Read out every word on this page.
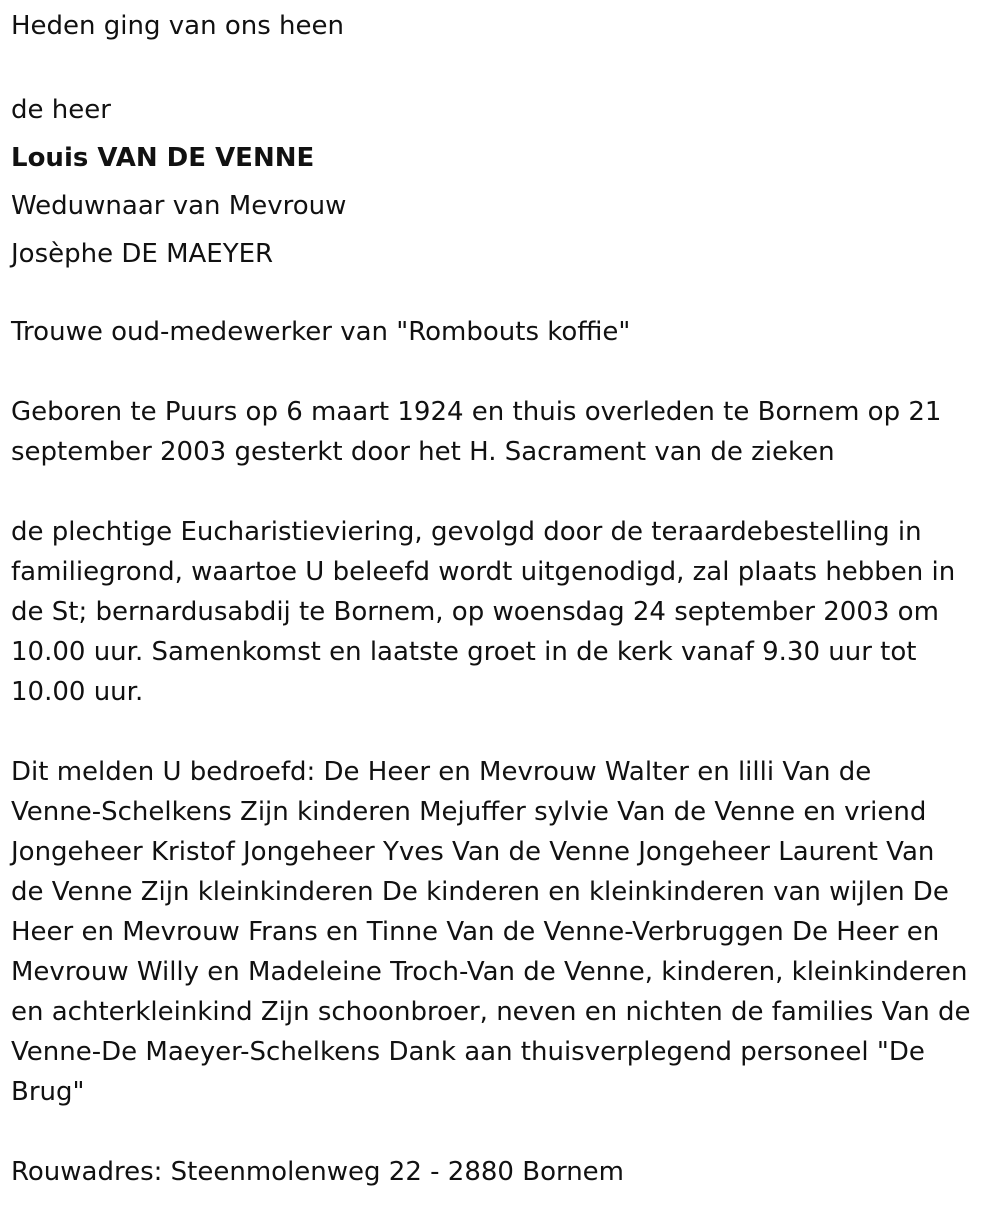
Heden ging van ons heen

de heer

Louis VAN DE VENNE

Weduwnaar van Mevrouw

Josèphe DE MAEYER

Trouwe oud-medewerker van "Rombouts koffie"

Geboren te Puurs op 6 maart 1924 en thuis overleden te Bornem op 21

september 2003 gesterkt door het H. Sacrament van de zieken

de plechtige Eucharistieviering, gevolgd door de teraardebestelling in

familiegrond, waartoe U beleefd wordt uitgenodigd, zal plaats hebben in

de St; bernardusabdij te Bornem, op woensdag 24 september 2003 om

10.00 uur. Samenkomst en laatste groet in de kerk vanaf 9.30 uur tot

10.00 uur.

Dit melden U bedroefd: De Heer en Mevrouw Walter en lilli Van de

Venne-Schelkens Zijn kinderen Mejuffer sylvie Van de Venne en vriend

Jongeheer Kristof Jongeheer Yves Van de Venne Jongeheer Laurent Van

de Venne Zijn kleinkinderen De kinderen en kleinkinderen van wijlen De

Heer en Mevrouw Frans en Tinne Van de Venne-Verbruggen De Heer en

Mevrouw Willy en Madeleine Troch-Van de Venne, kinderen, kleinkinderen

en achterkleinkind Zijn schoonbroer, neven en nichten de families Van de

Venne-De Maeyer-Schelkens Dank aan thuisverplegend personeel "De

Brug"

Rouwadres: Steenmolenweg 22 - 2880 Bornem
